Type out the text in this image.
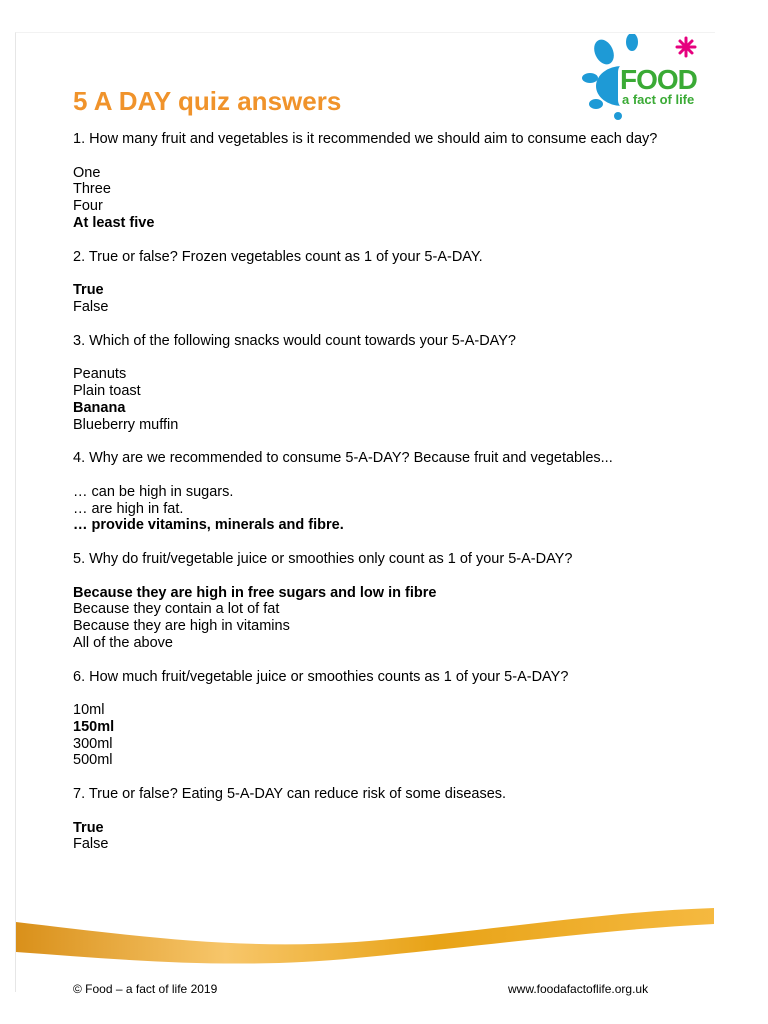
5 A DAY quiz answers
FOOD
a fact of life

1. How many fruit and vegetables is it recommended we should aim to consume each day?

One
Three
Four
At least five

2. True or false? Frozen vegetables count as 1 of your 5-A-DAY.

True
False

3. Which of the following snacks would count towards your 5-A-DAY?

Peanuts
Plain toast
Banana
Blueberry muffin

4. Why are we recommended to consume 5-A-DAY? Because fruit and vegetables...

… can be high in sugars.
… are high in fat.
… provide vitamins, minerals and fibre.

5. Why do fruit/vegetable juice or smoothies only count as 1 of your 5-A-DAY?

Because they are high in free sugars and low in fibre
Because they contain a lot of fat
Because they are high in vitamins
All of the above

6. How much fruit/vegetable juice or smoothies counts as 1 of your 5-A-DAY?

10ml
150ml
300ml
500ml

7. True or false? Eating 5-A-DAY can reduce risk of some diseases.

True
False
© Food – a fact of life 2019	www.foodafactoflife.org.uk
